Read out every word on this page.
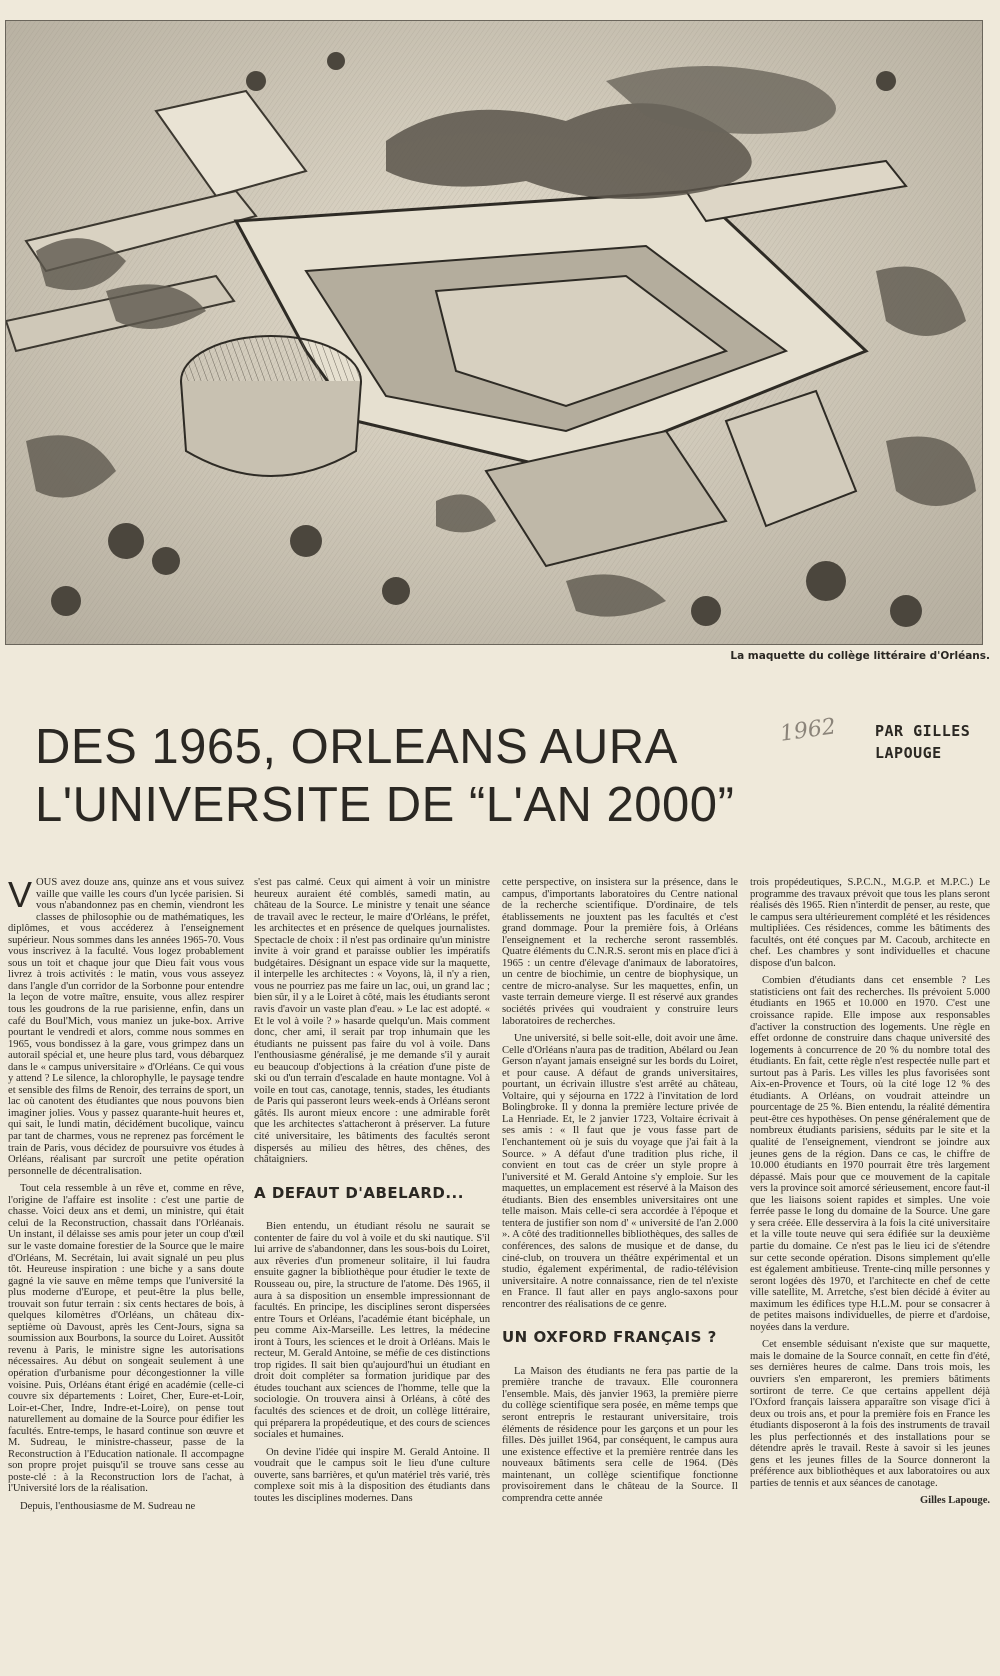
La maquette du collège littéraire d'Orléans.
1962
DES 1965, ORLEANS AURA
L'UNIVERSITE DE “L'AN 2000”
PAR GILLES
LAPOUGE

VOUS avez douze ans, quinze ans et vous suivez vaille que vaille les cours d'un lycée parisien. Si vous n'abandonnez pas en chemin, viendront les classes de philosophie ou de mathématiques, les diplômes, et vous accéderez à l'enseignement supérieur. Nous sommes dans les années 1965-70. Vous vous inscrivez à la faculté. Vous logez probablement sous un toit et chaque jour que Dieu fait vous vous livrez à trois activités : le matin, vous vous asseyez dans l'angle d'un corridor de la Sorbonne pour entendre la leçon de votre maître, ensuite, vous allez respirer tous les goudrons de la rue parisienne, enfin, dans un café du Boul'Mich, vous maniez un juke-box. Arrive pourtant le vendredi et alors, comme nous sommes en 1965, vous bondissez à la gare, vous grimpez dans un autorail spécial et, une heure plus tard, vous débarquez dans le « campus universitaire » d'Orléans. Ce qui vous y attend ? Le silence, la chlorophylle, le paysage tendre et sensible des films de Renoir, des terrains de sport, un lac où canotent des étudiantes que nous pouvons bien imaginer jolies. Vous y passez quarante-huit heures et, qui sait, le lundi matin, décidément bucolique, vaincu par tant de charmes, vous ne reprenez pas forcément le train de Paris, vous décidez de poursuivre vos études à Orléans, réalisant par surcroît une petite opération personnelle de décentralisation.

Tout cela ressemble à un rêve et, comme en rêve, l'origine de l'affaire est insolite : c'est une partie de chasse. Voici deux ans et demi, un ministre, qui était celui de la Reconstruction, chassait dans l'Orléanais. Un instant, il délaisse ses amis pour jeter un coup d'œil sur le vaste domaine forestier de la Source que le maire d'Orléans, M. Secrétain, lui avait signalé un peu plus tôt. Heureuse inspiration : une biche y a sans doute gagné la vie sauve en même temps que l'université la plus moderne d'Europe, et peut-être la plus belle, trouvait son futur terrain : six cents hectares de bois, à quelques kilomètres d'Orléans, un château dix-septième où Davoust, après les Cent-Jours, signa sa soumission aux Bourbons, la source du Loiret. Aussitôt revenu à Paris, le ministre signe les autorisations nécessaires. Au début on songeait seulement à une opération d'urbanisme pour décongestionner la ville voisine. Puis, Orléans étant érigé en académie (celle-ci couvre six départements : Loiret, Cher, Eure-et-Loir, Loir-et-Cher, Indre, Indre-et-Loire), on pense tout naturellement au domaine de la Source pour édifier les facultés. Entre-temps, le hasard continue son œuvre et M. Sudreau, le ministre-chasseur, passe de la Reconstruction à l'Education nationale. Il accompagne son propre projet puisqu'il se trouve sans cesse au poste-clé : à la Reconstruction lors de l'achat, à l'Université lors de la réalisation.

Depuis, l'enthousiasme de M. Sudreau ne

s'est pas calmé. Ceux qui aiment à voir un ministre heureux auraient été comblés, samedi matin, au château de la Source. Le ministre y tenait une séance de travail avec le recteur, le maire d'Orléans, le préfet, les architectes et en présence de quelques journalistes. Spectacle de choix : il n'est pas ordinaire qu'un ministre invite à voir grand et paraisse oublier les impératifs budgétaires. Désignant un espace vide sur la maquette, il interpelle les architectes : « Voyons, là, il n'y a rien, vous ne pourriez pas me faire un lac, oui, un grand lac ; bien sûr, il y a le Loiret à côté, mais les étudiants seront ravis d'avoir un vaste plan d'eau. » Le lac est adopté. « Et le vol à voile ? » hasarde quelqu'un. Mais comment donc, cher ami, il serait par trop inhumain que les étudiants ne puissent pas faire du vol à voile. Dans l'enthousiasme généralisé, je me demande s'il y aurait eu beaucoup d'objections à la création d'une piste de ski ou d'un terrain d'escalade en haute montagne. Vol à voile en tout cas, canotage, tennis, stades, les étudiants de Paris qui passeront leurs week-ends à Orléans seront gâtés. Ils auront mieux encore : une admirable forêt que les architectes s'attacheront à préserver. La future cité universitaire, les bâtiments des facultés seront dispersés au milieu des hêtres, des chênes, des châtaigniers.

A DEFAUT D'ABELARD...

Bien entendu, un étudiant résolu ne saurait se contenter de faire du vol à voile et du ski nautique. S'il lui arrive de s'abandonner, dans les sous-bois du Loiret, aux rêveries d'un promeneur solitaire, il lui faudra ensuite gagner la bibliothèque pour étudier le texte de Rousseau ou, pire, la structure de l'atome. Dès 1965, il aura à sa disposition un ensemble impressionnant de facultés. En principe, les disciplines seront dispersées entre Tours et Orléans, l'académie étant bicéphale, un peu comme Aix-Marseille. Les lettres, la médecine iront à Tours, les sciences et le droit à Orléans. Mais le recteur, M. Gerald Antoine, se méfie de ces distinctions trop rigides. Il sait bien qu'aujourd'hui un étudiant en droit doit compléter sa formation juridique par des études touchant aux sciences de l'homme, telle que la sociologie. On trouvera ainsi à Orléans, à côté des facultés des sciences et de droit, un collège littéraire, qui préparera la propédeutique, et des cours de sciences sociales et humaines.

On devine l'idée qui inspire M. Gerald Antoine. Il voudrait que le campus soit le lieu d'une culture ouverte, sans barrières, et qu'un matériel très varié, très complexe soit mis à la disposition des étudiants dans toutes les disciplines modernes. Dans

cette perspective, on insistera sur la présence, dans le campus, d'importants laboratoires du Centre national de la recherche scientifique. D'ordinaire, de tels établissements ne jouxtent pas les facultés et c'est grand dommage. Pour la première fois, à Orléans l'enseignement et la recherche seront rassemblés. Quatre éléments du C.N.R.S. seront mis en place d'ici à 1965 : un centre d'élevage d'animaux de laboratoires, un centre de biochimie, un centre de biophysique, un centre de micro-analyse. Sur les maquettes, enfin, un vaste terrain demeure vierge. Il est réservé aux grandes sociétés privées qui voudraient y construire leurs laboratoires de recherches.

Une université, si belle soit-elle, doit avoir une âme. Celle d'Orléans n'aura pas de tradition, Abélard ou Jean Gerson n'ayant jamais enseigné sur les bords du Loiret, et pour cause. A défaut de grands universitaires, pourtant, un écrivain illustre s'est arrêté au château, Voltaire, qui y séjourna en 1722 à l'invitation de lord Bolingbroke. Il y donna la première lecture privée de La Henriade. Et, le 2 janvier 1723, Voltaire écrivait à ses amis : « Il faut que je vous fasse part de l'enchantement où je suis du voyage que j'ai fait à la Source. » A défaut d'une tradition plus riche, il convient en tout cas de créer un style propre à l'université et M. Gerald Antoine s'y emploie. Sur les maquettes, un emplacement est réservé à la Maison des étudiants. Bien des ensembles universitaires ont une telle maison. Mais celle-ci sera accordée à l'époque et tentera de justifier son nom d' « université de l'an 2.000 ». A côté des traditionnelles bibliothèques, des salles de conférences, des salons de musique et de danse, du ciné-club, on trouvera un théâtre expérimental et un studio, également expérimental, de radio-télévision universitaire. A notre connaissance, rien de tel n'existe en France. Il faut aller en pays anglo-saxons pour rencontrer des réalisations de ce genre.

UN OXFORD FRANÇAIS ?

La Maison des étudiants ne fera pas partie de la première tranche de travaux. Elle couronnera l'ensemble. Mais, dès janvier 1963, la première pierre du collège scientifique sera posée, en même temps que seront entrepris le restaurant universitaire, trois éléments de résidence pour les garçons et un pour les filles. Dès juillet 1964, par conséquent, le campus aura une existence effective et la première rentrée dans les nouveaux bâtiments sera celle de 1964. (Dès maintenant, un collège scientifique fonctionne provisoirement dans le château de la Source. Il comprendra cette année

trois propédeutiques, S.P.C.N., M.G.P. et M.P.C.) Le programme des travaux prévoit que tous les plans seront réalisés dès 1965. Rien n'interdit de penser, au reste, que le campus sera ultérieurement complété et les résidences multipliées. Ces résidences, comme les bâtiments des facultés, ont été conçues par M. Cacoub, architecte en chef. Les chambres y sont individuelles et chacune dispose d'un balcon.

Combien d'étudiants dans cet ensemble ? Les statisticiens ont fait des recherches. Ils prévoient 5.000 étudiants en 1965 et 10.000 en 1970. C'est une croissance rapide. Elle impose aux responsables d'activer la construction des logements. Une règle en effet ordonne de construire dans chaque université des logements à concurrence de 20 % du nombre total des étudiants. En fait, cette règle n'est respectée nulle part et surtout pas à Paris. Les villes les plus favorisées sont Aix-en-Provence et Tours, où la cité loge 12 % des étudiants. A Orléans, on voudrait atteindre un pourcentage de 25 %. Bien entendu, la réalité démentira peut-être ces hypothèses. On pense généralement que de nombreux étudiants parisiens, séduits par le site et la qualité de l'enseignement, viendront se joindre aux jeunes gens de la région. Dans ce cas, le chiffre de 10.000 étudiants en 1970 pourrait être très largement dépassé. Mais pour que ce mouvement de la capitale vers la province soit amorcé sérieusement, encore faut-il que les liaisons soient rapides et simples. Une voie ferrée passe le long du domaine de la Source. Une gare y sera créée. Elle desservira à la fois la cité universitaire et la ville toute neuve qui sera édifiée sur la deuxième partie du domaine. Ce n'est pas le lieu ici de s'étendre sur cette seconde opération. Disons simplement qu'elle est également ambitieuse. Trente-cinq mille personnes y seront logées dès 1970, et l'architecte en chef de cette ville satellite, M. Arretche, s'est bien décidé à éviter au maximum les édifices type H.L.M. pour se consacrer à de petites maisons individuelles, de pierre et d'ardoise, noyées dans la verdure.

Cet ensemble séduisant n'existe que sur maquette, mais le domaine de la Source connaît, en cette fin d'été, ses dernières heures de calme. Dans trois mois, les ouvriers s'en empareront, les premiers bâtiments sortiront de terre. Ce que certains appellent déjà l'Oxford français laissera apparaître son visage d'ici à deux ou trois ans, et pour la première fois en France les étudiants disposeront à la fois des instruments de travail les plus perfectionnés et des installations pour se détendre après le travail. Reste à savoir si les jeunes gens et les jeunes filles de la Source donneront la préférence aux bibliothèques et aux laboratoires ou aux parties de tennis et aux séances de canotage.

Gilles Lapouge.
